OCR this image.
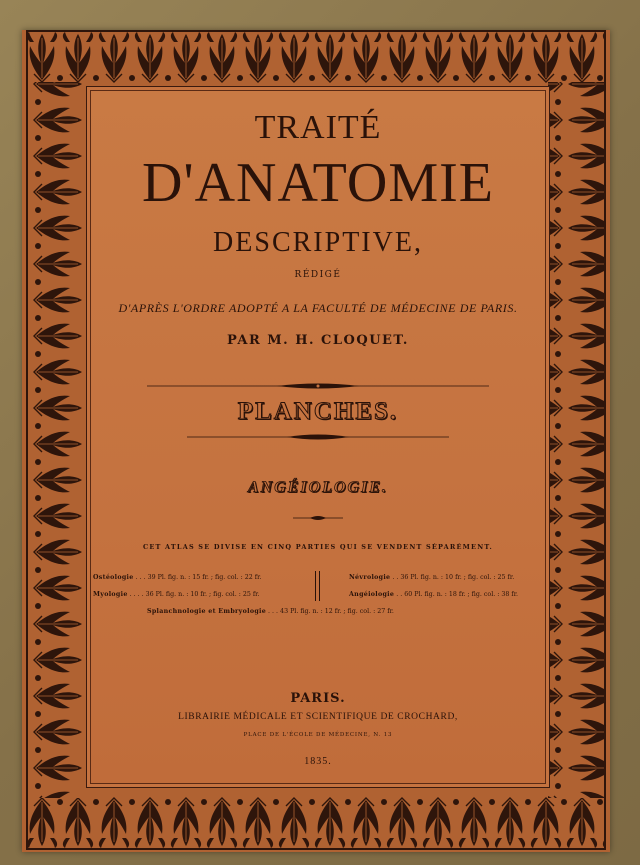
TRAITÉ
D'ANATOMIE
DESCRIPTIVE,
RÉDIGÉ
D'APRÈS L'ORDRE ADOPTÉ A LA FACULTÉ DE MÉDECINE DE PARIS.
PAR M. H. CLOQUET.
PLANCHES.
ANGÉIOLOGIE.
CET ATLAS SE DIVISE EN CINQ PARTIES QUI SE VENDENT SÉPARÉMENT.
Ostéologie . . . 39 Pl. fig. n. : 15 fr. ; fig. col. : 22 fr.
Myologie . . . . 36 Pl. fig. n. : 10 fr. ; fig. col. : 25 fr.
Névrologie . . 36 Pl. fig. n. : 10 fr. ; fig. col. : 25 fr.
Angéiologie . . 60 Pl. fig. n. : 18 fr. ; fig. col. : 38 fr.
Splanchnologie et Embryologie . . . 43 Pl. fig. n. : 12 fr. ; fig. col. : 27 fr.
PARIS.
LIBRAIRIE MÉDICALE ET SCIENTIFIQUE DE CROCHARD,
PLACE DE L'ÉCOLE DE MÉDECINE, N. 13
1835.
